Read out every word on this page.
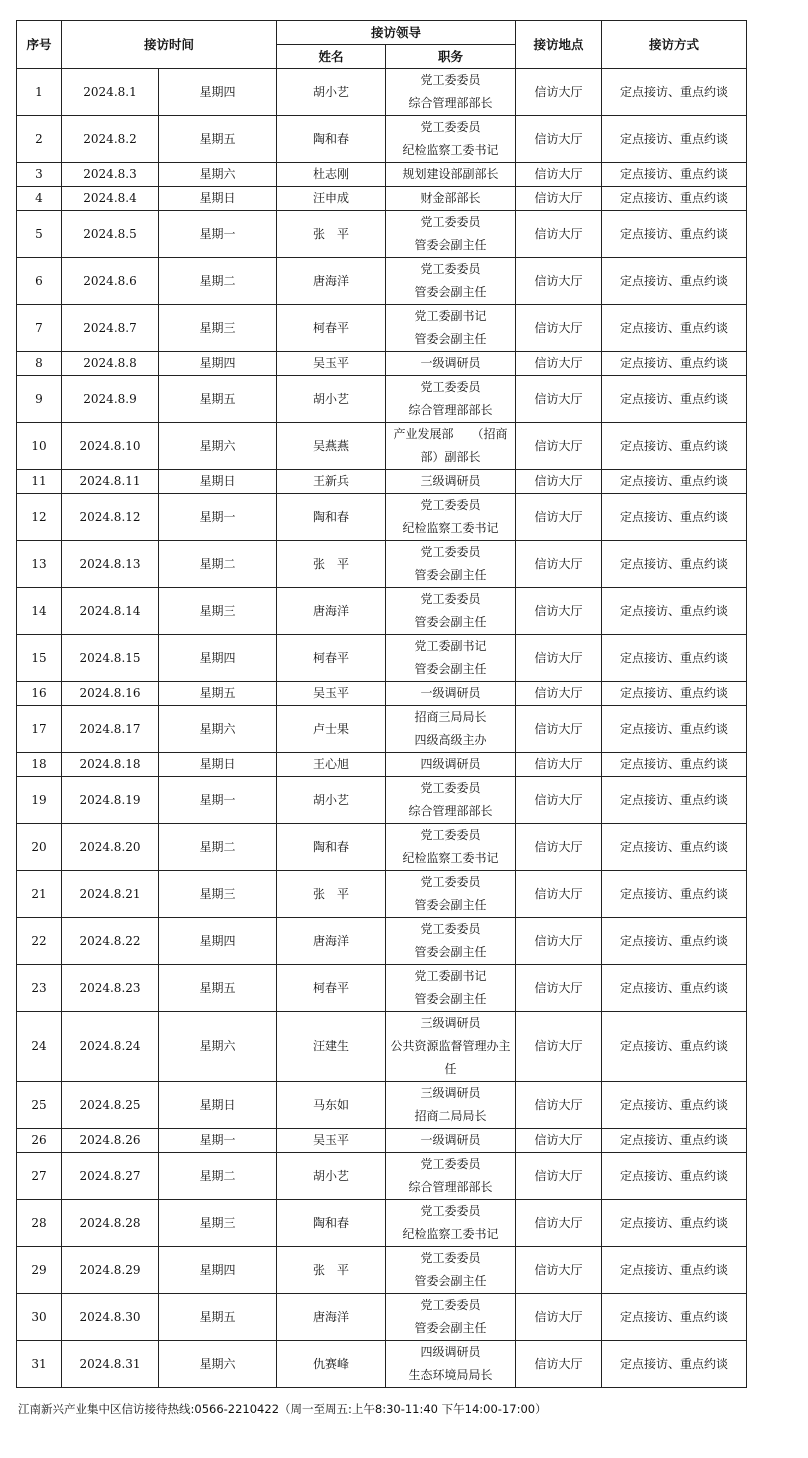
序号	接访时间		接访领导		接访地点	接访方式
			姓名	职务		
1	2024.8.1	星期四	胡小艺	党工委委员
综合管理部部长	信访大厅	定点接访、重点约谈
2	2024.8.2	星期五	陶和春	党工委委员
纪检监察工委书记	信访大厅	定点接访、重点约谈
3	2024.8.3	星期六	杜志刚	规划建设部副部长	信访大厅	定点接访、重点约谈
4	2024.8.4	星期日	汪申成	财金部部长	信访大厅	定点接访、重点约谈
5	2024.8.5	星期一	张　平	党工委委员
管委会副主任	信访大厅	定点接访、重点约谈
6	2024.8.6	星期二	唐海洋	党工委委员
管委会副主任	信访大厅	定点接访、重点约谈
7	2024.8.7	星期三	柯春平	党工委副书记
管委会副主任	信访大厅	定点接访、重点约谈
8	2024.8.8	星期四	吴玉平	一级调研员	信访大厅	定点接访、重点约谈
9	2024.8.9	星期五	胡小艺	党工委委员
综合管理部部长	信访大厅	定点接访、重点约谈
10	2024.8.10	星期六	吴燕燕	产业发展部　　（招商
部）副部长	信访大厅	定点接访、重点约谈
11	2024.8.11	星期日	王新兵	三级调研员	信访大厅	定点接访、重点约谈
12	2024.8.12	星期一	陶和春	党工委委员
纪检监察工委书记	信访大厅	定点接访、重点约谈
13	2024.8.13	星期二	张　平	党工委委员
管委会副主任	信访大厅	定点接访、重点约谈
14	2024.8.14	星期三	唐海洋	党工委委员
管委会副主任	信访大厅	定点接访、重点约谈
15	2024.8.15	星期四	柯春平	党工委副书记
管委会副主任	信访大厅	定点接访、重点约谈
16	2024.8.16	星期五	吴玉平	一级调研员	信访大厅	定点接访、重点约谈
17	2024.8.17	星期六	卢士果	招商三局局长
四级高级主办	信访大厅	定点接访、重点约谈
18	2024.8.18	星期日	王心旭	四级调研员	信访大厅	定点接访、重点约谈
19	2024.8.19	星期一	胡小艺	党工委委员
综合管理部部长	信访大厅	定点接访、重点约谈
20	2024.8.20	星期二	陶和春	党工委委员
纪检监察工委书记	信访大厅	定点接访、重点约谈
21	2024.8.21	星期三	张　平	党工委委员
管委会副主任	信访大厅	定点接访、重点约谈
22	2024.8.22	星期四	唐海洋	党工委委员
管委会副主任	信访大厅	定点接访、重点约谈
23	2024.8.23	星期五	柯春平	党工委副书记
管委会副主任	信访大厅	定点接访、重点约谈
24	2024.8.24	星期六	汪建生	三级调研员
公共资源监督管理办主
任	信访大厅	定点接访、重点约谈
25	2024.8.25	星期日	马东如	三级调研员
招商二局局长	信访大厅	定点接访、重点约谈
26	2024.8.26	星期一	吴玉平	一级调研员	信访大厅	定点接访、重点约谈
27	2024.8.27	星期二	胡小艺	党工委委员
综合管理部部长	信访大厅	定点接访、重点约谈
28	2024.8.28	星期三	陶和春	党工委委员
纪检监察工委书记	信访大厅	定点接访、重点约谈
29	2024.8.29	星期四	张　平	党工委委员
管委会副主任	信访大厅	定点接访、重点约谈
30	2024.8.30	星期五	唐海洋	党工委委员
管委会副主任	信访大厅	定点接访、重点约谈
31	2024.8.31	星期六	仇赛峰	四级调研员
生态环境局局长	信访大厅	定点接访、重点约谈
江南新兴产业集中区信访接待热线:0566-2210422（周一至周五:上午8:30-11:40 下午14:00-17:00）
